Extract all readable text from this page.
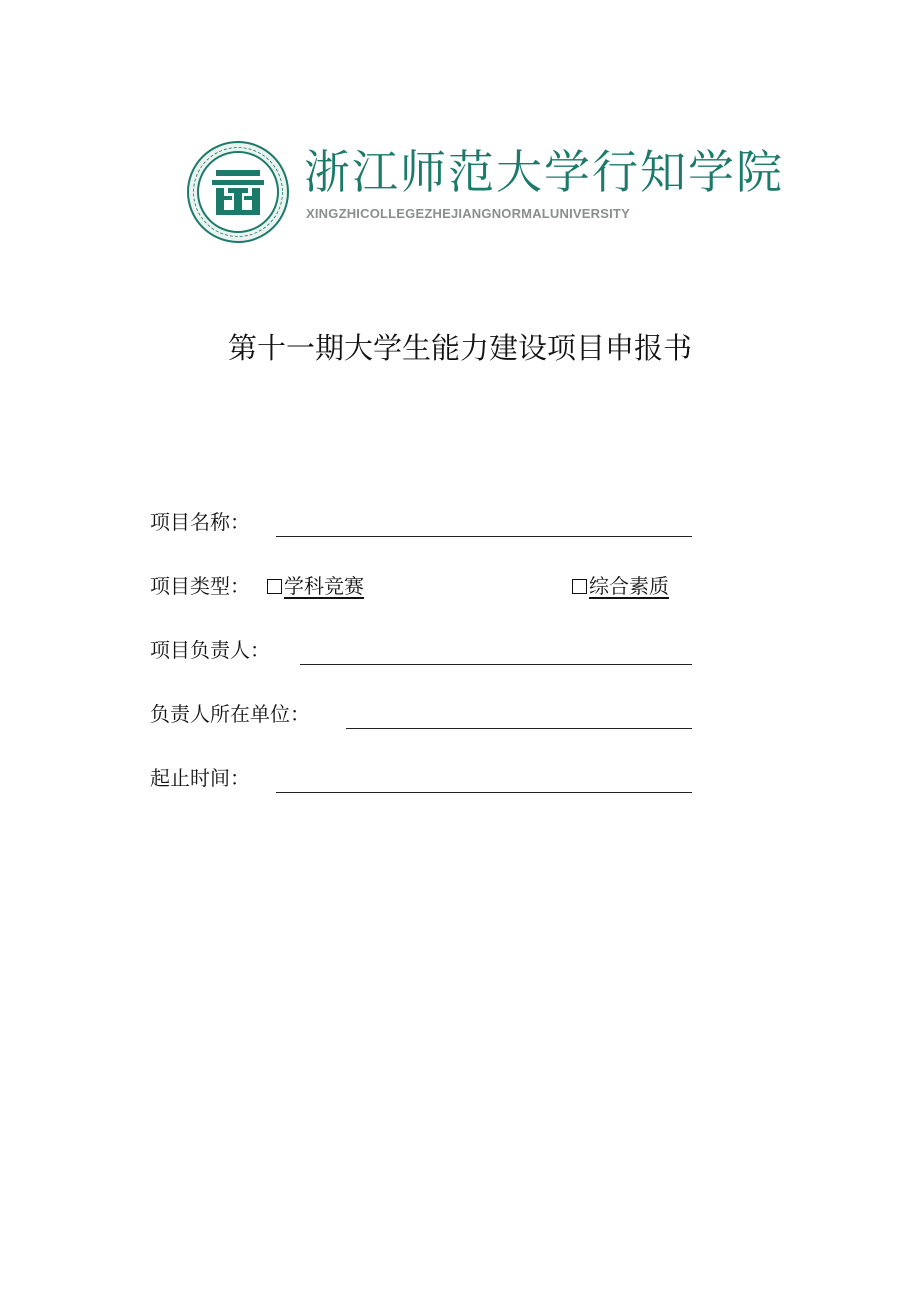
浙江师范大学行知学院
XINGZHICOLLEGEZHEJIANGNORMALUNIVERSITY
第十一期大学生能力建设项目申报书
项目名称：
项目类型：	学科竞赛	综合素质
项目负责人：
负责人所在单位：
起止时间：
